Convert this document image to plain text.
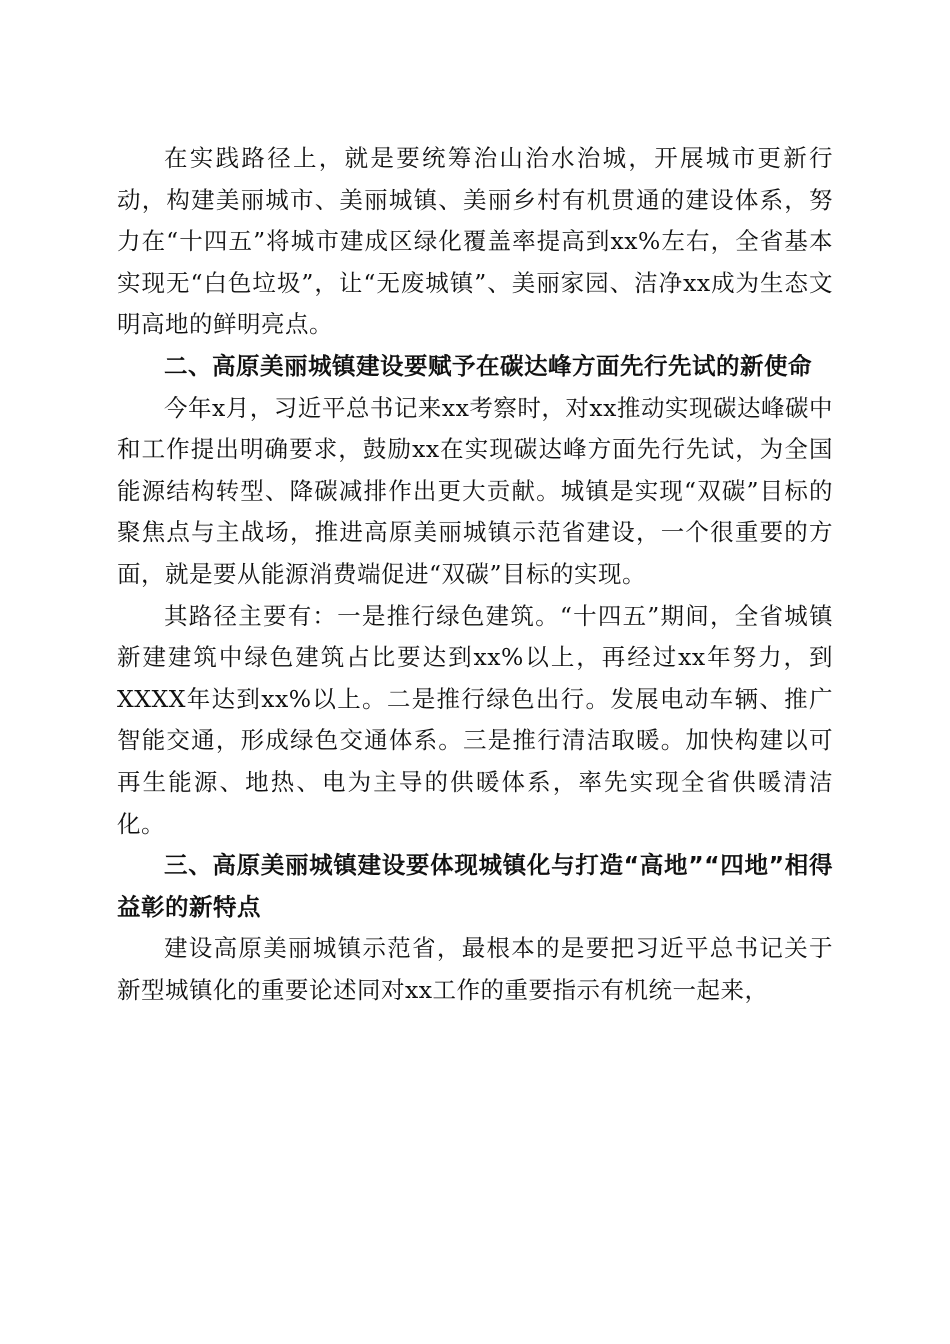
在实践路径上，就是要统筹治山治水治城，开展城市更新行动，构建美丽城市、美丽城镇、美丽乡村有机贯通的建设体系，努力在“十四五”将城市建成区绿化覆盖率提高到xx%左右，全省基本实现无“白色垃圾”，让“无废城镇”、美丽家园、洁净xx成为生态文明高地的鲜明亮点。

二、高原美丽城镇建设要赋予在碳达峰方面先行先试的新使命

今年x月，习近平总书记来xx考察时，对xx推动实现碳达峰碳中和工作提出明确要求，鼓励xx在实现碳达峰方面先行先试，为全国能源结构转型、降碳减排作出更大贡献。城镇是实现“双碳”目标的聚焦点与主战场，推进高原美丽城镇示范省建设，一个很重要的方面，就是要从能源消费端促进“双碳”目标的实现。

其路径主要有：一是推行绿色建筑。“十四五”期间，全省城镇新建建筑中绿色建筑占比要达到xx%以上，再经过xx年努力，到XXXX年达到xx%以上。二是推行绿色出行。发展电动车辆、推广智能交通，形成绿色交通体系。三是推行清洁取暖。加快构建以可再生能源、地热、电为主导的供暖体系，率先实现全省供暖清洁化。

三、高原美丽城镇建设要体现城镇化与打造“高地”“四地”相得益彰的新特点

建设高原美丽城镇示范省，最根本的是要把习近平总书记关于新型城镇化的重要论述同对xx工作的重要指示有机统一起来，
